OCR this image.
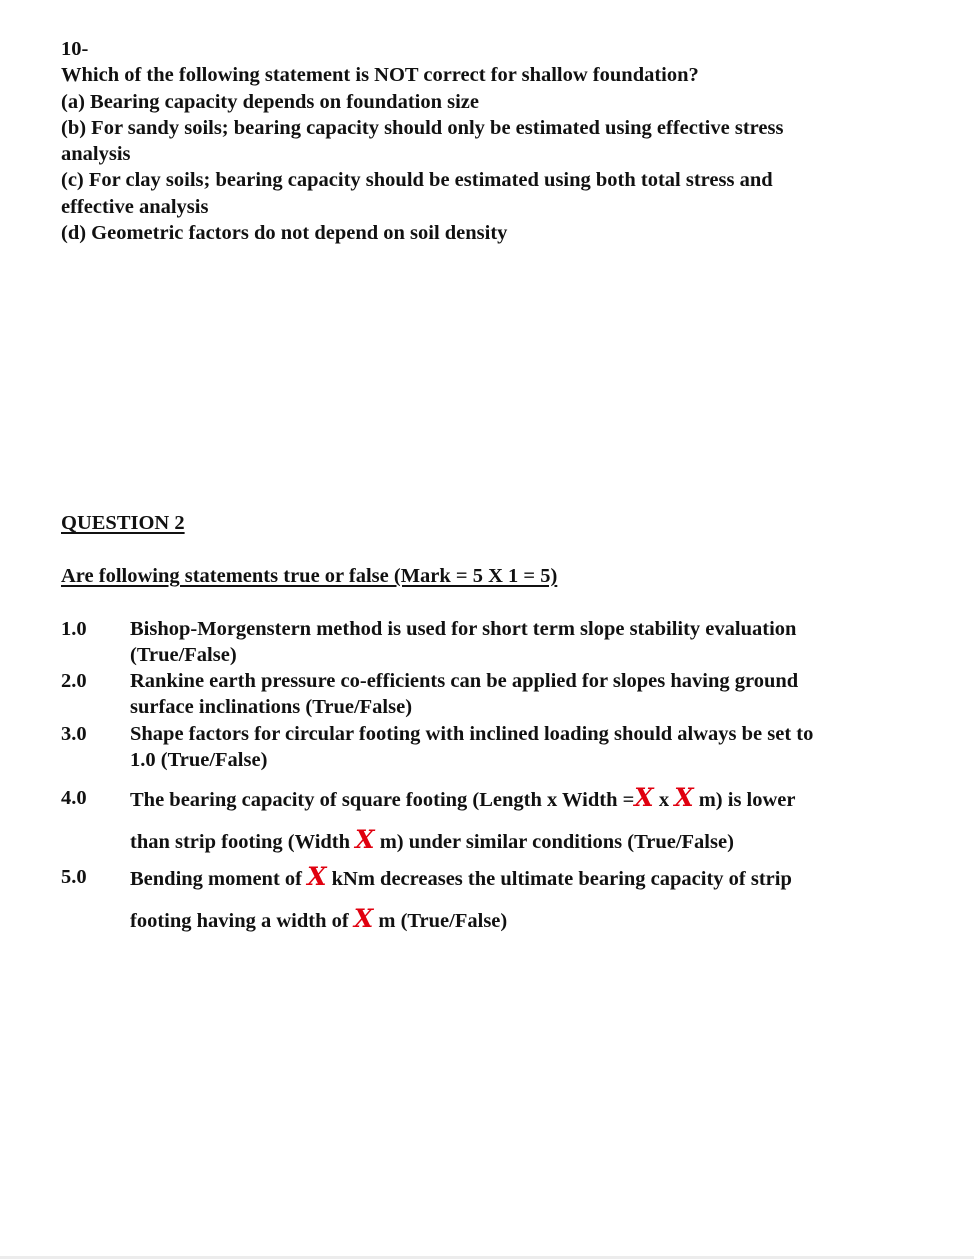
10-
Which of the following statement is NOT correct for shallow foundation?
(a) Bearing capacity depends on foundation size
(b) For sandy soils; bearing capacity should only be estimated using effective stress
analysis
(c) For clay soils; bearing capacity should be estimated using both total stress and
effective analysis
(d) Geometric factors do not depend on soil density
QUESTION 2
Are following statements true or false (Mark = 5 X 1 = 5)
1.0	Bishop-Morgenstern method is used for short term slope stability evaluation
(True/False)
2.0	Rankine earth pressure co-efficients can be applied for slopes having ground
surface inclinations (True/False)
3.0	Shape factors for circular footing with inclined loading should always be set to
1.0 (True/False)
4.0	The bearing capacity of square footing (Length x Width =X x X m) is lower
than strip footing (Width X m) under similar conditions (True/False)
5.0	Bending moment of X kNm decreases the ultimate bearing capacity of strip
footing having a width of X m (True/False)
